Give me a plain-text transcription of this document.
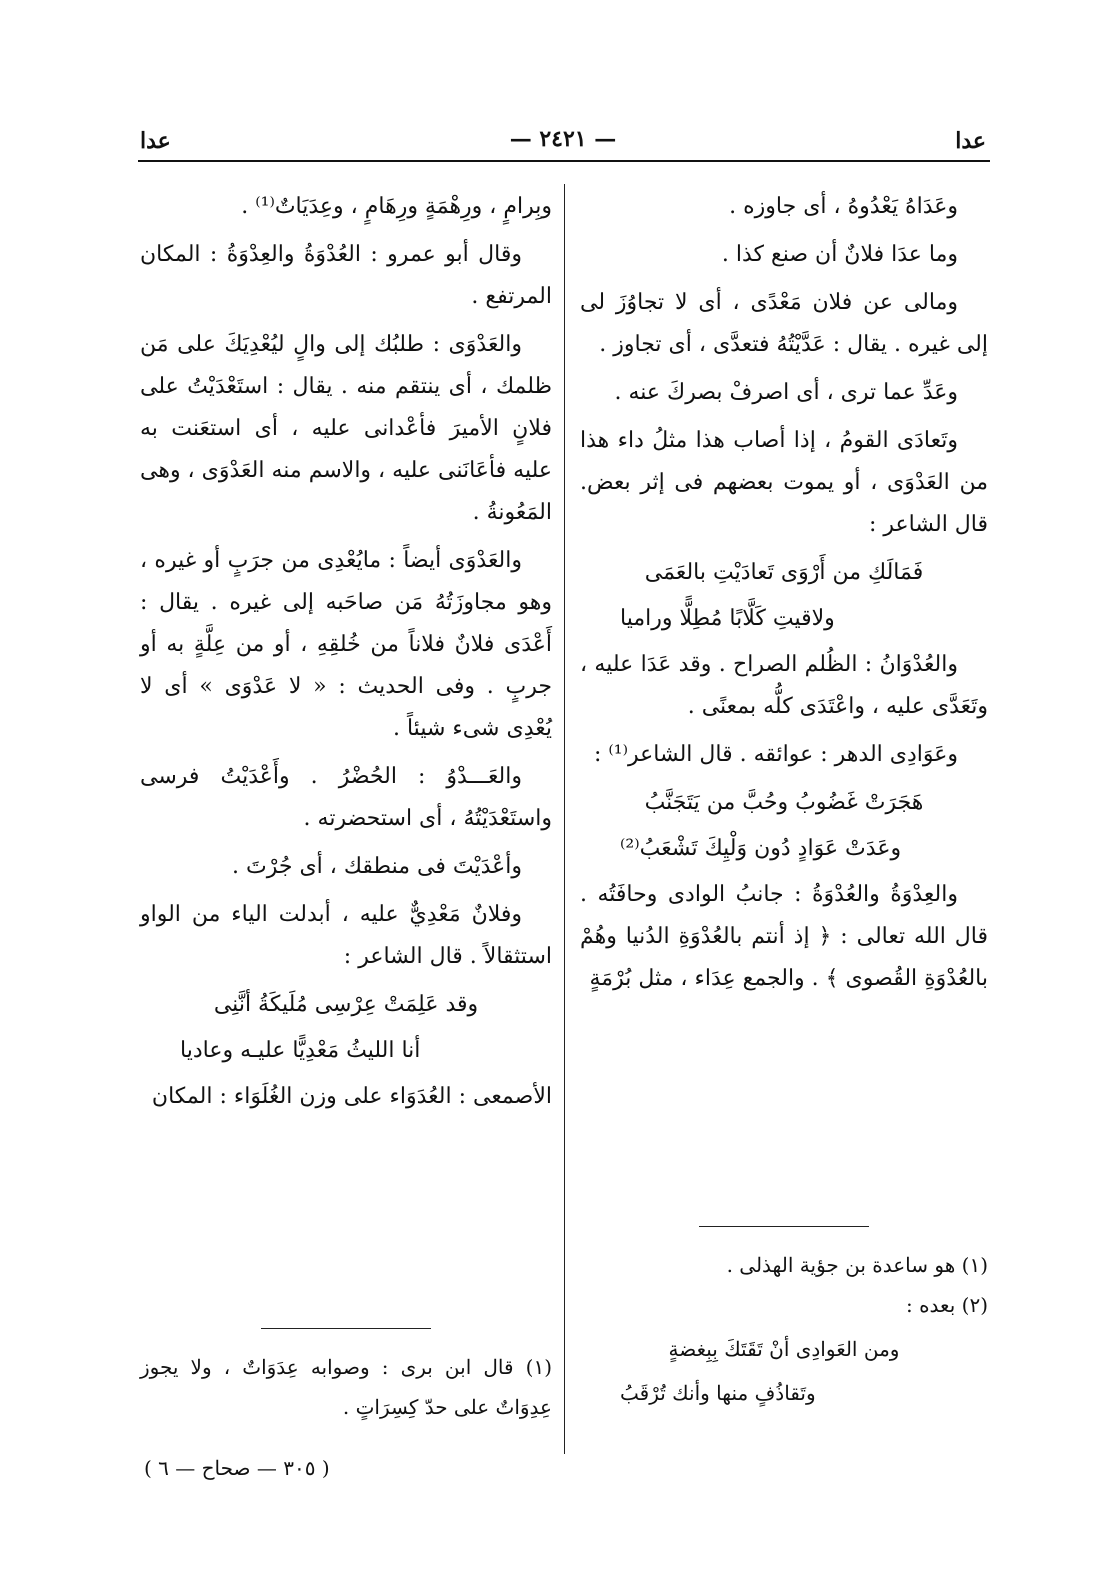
عدا
— ٢٤٢١ —
عدا

وعَدَاهُ يَعْدُوهُ ، أى جاوزه .

وما عدَا فلانٌ أن صنع كذا .

ومالى عن فلان مَعْدًى ، أى لا تجاوُزَ لى إلى غيره . يقال : عَدَّيْتُهُ فتعدَّى ، أى تجاوز .

وعَدِّ عما ترى ، أى اصرفْ بصركَ عنه .

وتَعادَى القومُ ، إذا أصاب هذا مثلُ داء هذا من العَدْوَى ، أو يموت بعضهم فى إثر بعض. قال الشاعر :

فَمَالَكِ من أَرْوَى تَعادَيْتِ بالعَمَى
ولاقيتِ كَلَّابًا مُطِلًّا وراميا

والعُدْوَانُ : الظُلم الصراح . وقد عَدَا عليه ، وتَعَدَّى عليه ، واعْتَدَى كلُّه بمعنًى .

وعَوَادِى الدهر : عوائقه . قال الشاعر⁽¹⁾ :

هَجَرَتْ غَضُوبُ وحُبَّ من يَتَجَنَّبُ
وعَدَتْ عَوَادٍ دُون وَلْيِكَ تَشْعَبُ⁽²⁾

والعِدْوَةُ والعُدْوَةُ : جانبُ الوادى وحافَتُه . قال الله تعالى : ﴿ إذ أنتم بالعُدْوَةِ الدُنيا وهُمْ بالعُدْوَةِ القُصوى ﴾ . والجمع عِدَاء ، مثل بُرْمَةٍ

(١) هو ساعدة بن جؤية الهذلى .
(٢) بعده :
ومن العَوادِى أنْ تَقَتَكَ بِبِغضةٍ
وتَقاذُفٍ منها وأنك تُرْقَبُ

وبِرامٍ ، ورِهْمَةٍ ورِهَامٍ ، وعِدَيَاتٌ⁽¹⁾ .

وقال أبو عمرو : العُدْوَةُ والعِدْوَةُ : المكان المرتفع .

والعَدْوَى : طلبُك إلى والٍ ليُعْدِيَكَ على مَن ظلمك ، أى ينتقم منه . يقال : استَعْدَيْتُ على فلانٍ الأميرَ فأعْدانى عليه ، أى استعَنت به عليه فأعَانَنى عليه ، والاسم منه العَدْوَى ، وهى المَعُونةُ .

والعَدْوَى أيضاً : مايُعْدِى من جرَبٍ أو غيره ، وهو مجاوزَتُهُ مَن صاحَبه إلى غيره . يقال : أَعْدَى فلانٌ فلاناً من خُلقِهِ ، أو من عِلَّةٍ به أو جربٍ . وفى الحديث : « لا عَدْوَى » أى لا يُعْدِى شىء شيئاً .

والعَـــدْوُ : الحُضْرُ . وأَعْدَيْتُ فرسى واستَعْدَيْتُهُ ، أى استحضرته .

وأعْدَيْتَ فى منطقك ، أى جُرْتَ .

وفلانٌ مَعْدِيٌّ عليه ، أبدلت الياء من الواو استثقالاً . قال الشاعر :

وقد عَلِمَتْ عِرْسِى مُلَيكَةُ أنَّنِى
أنا الليثُ مَعْدِيًّا عليـه وعاديا

الأصمعى : العُدَوَاء على وزن الغُلَوَاء : المكان

(١) قال ابن برى : وصوابه عِدَوَاتٌ ، ولا يجوز عِدِوَاتٌ على حدّ كِسِرَاتٍ .
( ٣٠٥ — صحاح — ٦ )
